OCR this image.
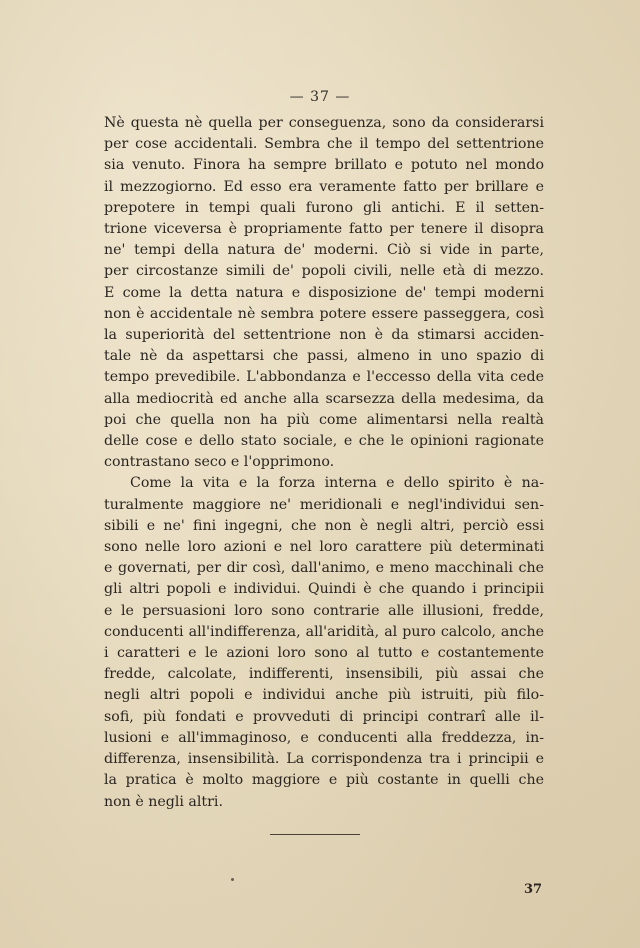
— 37 —
Nè questa nè quella per conseguenza, sono da considerarsi
per cose accidentali. Sembra che il tempo del settentrione
sia venuto. Finora ha sempre brillato e potuto nel mondo
il mezzogiorno. Ed esso era veramente fatto per brillare e
prepotere in tempi quali furono gli antichi. E il setten-
trione viceversa è propriamente fatto per tenere il disopra
ne' tempi della natura de' moderni. Ciò si vide in parte,
per circostanze simili de' popoli civili, nelle età di mezzo.
E come la detta natura e disposizione de' tempi moderni
non è accidentale nè sembra potere essere passeggera, così
la superiorità del settentrione non è da stimarsi acciden-
tale nè da aspettarsi che passi, almeno in uno spazio di
tempo prevedibile. L'abbondanza e l'eccesso della vita cede
alla mediocrità ed anche alla scarsezza della medesima, da
poi che quella non ha più come alimentarsi nella realtà
delle cose e dello stato sociale, e che le opinioni ragionate
contrastano seco e l'opprimono.
Come la vita e la forza interna e dello spirito è na-
turalmente maggiore ne' meridionali e negl'individui sen-
sibili e ne' fini ingegni, che non è negli altri, perciò essi
sono nelle loro azioni e nel loro carattere più determinati
e governati, per dir così, dall'animo, e meno macchinali che
gli altri popoli e individui. Quindi è che quando i principii
e le persuasioni loro sono contrarie alle illusioni, fredde,
conducenti all'indifferenza, all'aridità, al puro calcolo, anche
i caratteri e le azioni loro sono al tutto e costantemente
fredde, calcolate, indifferenti, insensibili, più assai che
negli altri popoli e individui anche più istruiti, più filo-
sofi, più fondati e provveduti di principi contrarî alle il-
lusioni e all'immaginoso, e conducenti alla freddezza, in-
differenza, insensibilità. La corrispondenza tra i principii e
la pratica è molto maggiore e più costante in quelli che
non è negli altri.
37
